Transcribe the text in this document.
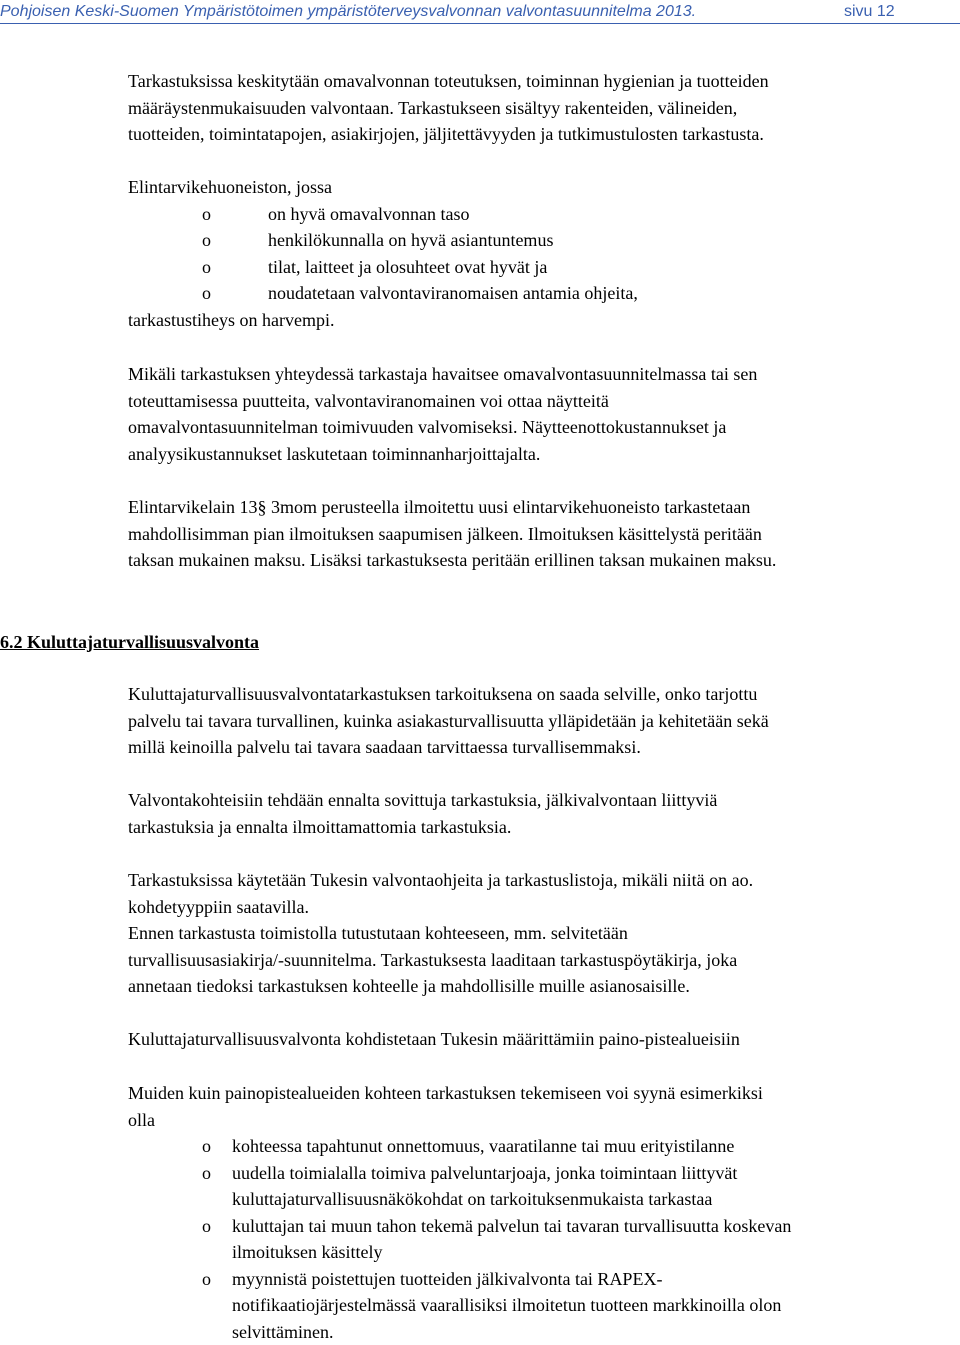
Pohjoisen Keski-Suomen Ympäristötoimen ympäristöterveysvalvonnan valvontasuunnitelma 2013.	sivu 12
Tarkastuksissa keskitytään omavalvonnan toteutuksen, toiminnan hygienian ja tuotteiden
määräystenmukaisuuden valvontaan. Tarkastukseen sisältyy rakenteiden, välineiden,
tuotteiden, toimintatapojen, asiakirjojen, jäljitettävyyden ja tutkimustulosten tarkastusta.
Elintarvikehuoneiston, jossa
o	on hyvä omavalvonnan taso
o	henkilökunnalla on hyvä asiantuntemus
o	tilat, laitteet ja olosuhteet ovat hyvät ja
o	noudatetaan valvontaviranomaisen antamia ohjeita,
tarkastustiheys on harvempi.
Mikäli tarkastuksen yhteydessä tarkastaja havaitsee omavalvontasuunnitelmassa tai sen
toteuttamisessa puutteita, valvontaviranomainen voi ottaa näytteitä
omavalvontasuunnitelman toimivuuden valvomiseksi. Näytteenottokustannukset ja
analyysikustannukset laskutetaan toiminnanharjoittajalta.
Elintarvikelain 13§ 3mom perusteella ilmoitettu uusi elintarvikehuoneisto tarkastetaan
mahdollisimman pian ilmoituksen saapumisen jälkeen. Ilmoituksen käsittelystä peritään
taksan mukainen maksu. Lisäksi tarkastuksesta peritään erillinen taksan mukainen maksu.
6.2 Kuluttajaturvallisuusvalvonta
Kuluttajaturvallisuusvalvontatarkastuksen tarkoituksena on saada selville, onko tarjottu
palvelu tai tavara turvallinen, kuinka asiakasturvallisuutta ylläpidetään ja kehitetään sekä
millä keinoilla palvelu tai tavara saadaan tarvittaessa turvallisemmaksi.
Valvontakohteisiin tehdään ennalta sovittuja tarkastuksia, jälkivalvontaan liittyviä
tarkastuksia ja ennalta ilmoittamattomia tarkastuksia.
Tarkastuksissa käytetään Tukesin valvontaohjeita ja tarkastuslistoja, mikäli niitä on ao.
kohdetyyppiin saatavilla.
Ennen tarkastusta toimistolla tutustutaan kohteeseen, mm. selvitetään
turvallisuusasiakirja/-suunnitelma. Tarkastuksesta laaditaan tarkastuspöytäkirja, joka
annetaan tiedoksi tarkastuksen kohteelle ja mahdollisille muille asianosaisille.
Kuluttajaturvallisuusvalvonta kohdistetaan Tukesin määrittämiin paino-pistealueisiin
Muiden kuin painopistealueiden kohteen tarkastuksen tekemiseen voi syynä esimerkiksi
olla
o	kohteessa tapahtunut onnettomuus, vaaratilanne tai muu erityistilanne
o	uudella toimialalla toimiva palveluntarjoaja, jonka toimintaan liittyvät
kuluttajaturvallisuusnäkökohdat on tarkoituksenmukaista tarkastaa
o	kuluttajan tai muun tahon tekemä palvelun tai tavaran turvallisuutta koskevan
ilmoituksen käsittely
o	myynnistä poistettujen tuotteiden jälkivalvonta tai RAPEX-
notifikaatiojärjestelmässä vaarallisiksi ilmoitetun tuotteen markkinoilla olon
selvittäminen.
